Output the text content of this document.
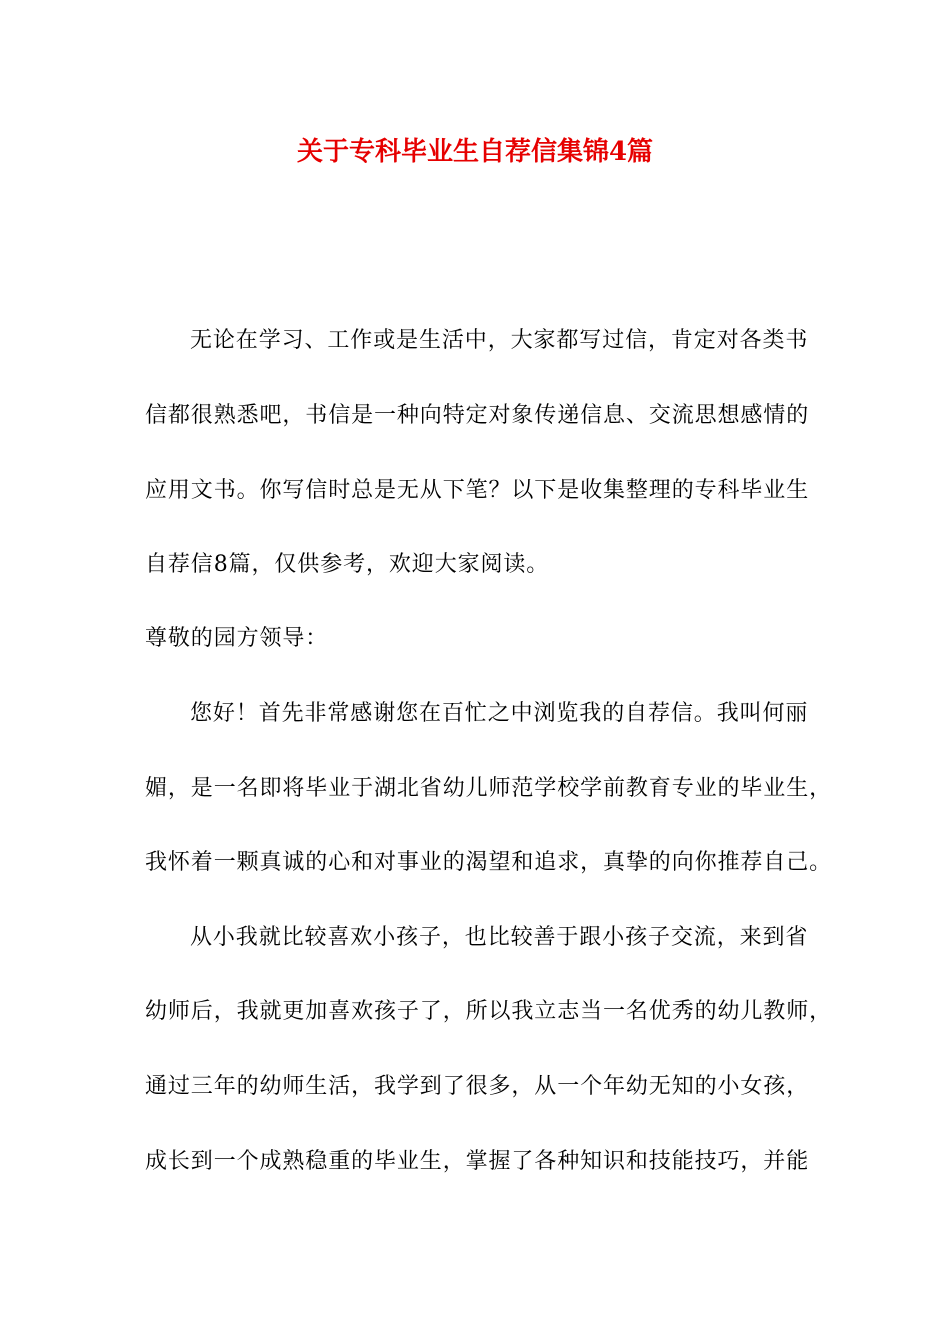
关于专科毕业生自荐信集锦4篇
无论在学习、工作或是生活中，大家都写过信，肯定对各类书
信都很熟悉吧，书信是一种向特定对象传递信息、交流思想感情的
应用文书。你写信时总是无从下笔？以下是收集整理的专科毕业生
自荐信8篇，仅供参考，欢迎大家阅读。
尊敬的园方领导：
您好！首先非常感谢您在百忙之中浏览我的自荐信。我叫何丽
媚，是一名即将毕业于湖北省幼儿师范学校学前教育专业的毕业生，
我怀着一颗真诚的心和对事业的渴望和追求，真挚的向你推荐自己。
从小我就比较喜欢小孩子，也比较善于跟小孩子交流，来到省
幼师后，我就更加喜欢孩子了，所以我立志当一名优秀的幼儿教师，
通过三年的幼师生活，我学到了很多，从一个年幼无知的小女孩，
成长到一个成熟稳重的毕业生，掌握了各种知识和技能技巧，并能
